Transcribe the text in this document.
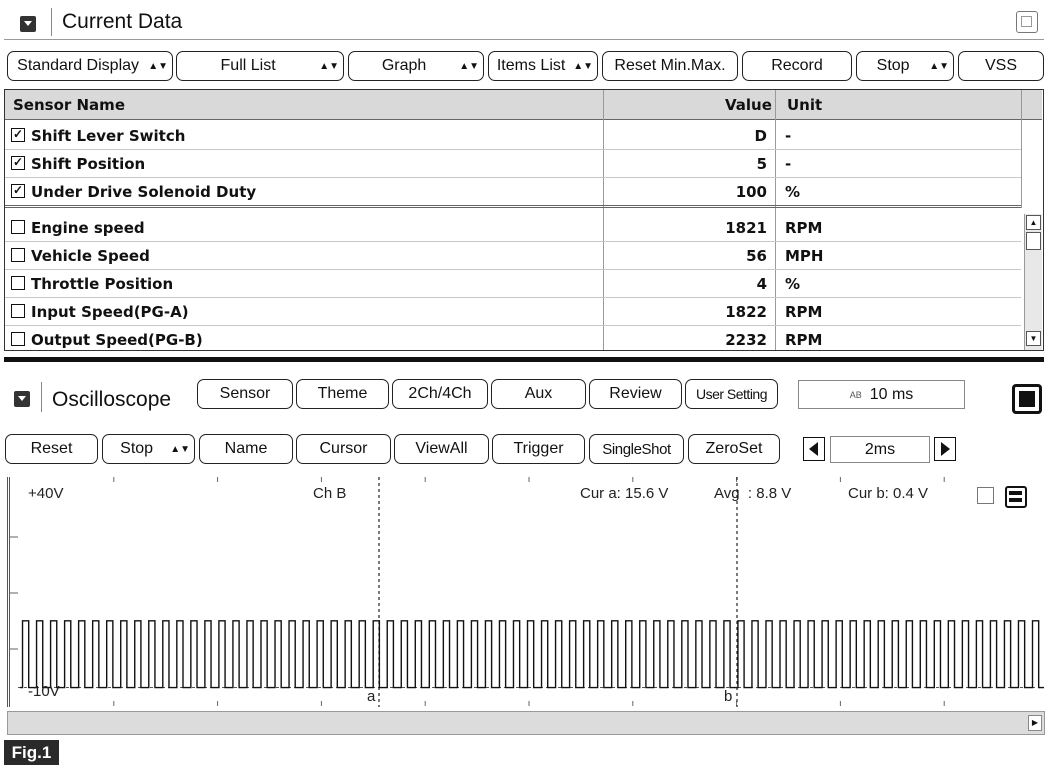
Current Data
Standard Display ▲▼	Full List	▲▼	Graph	▲▼ Items List ▲▼	Reset Min.Max.	Record	Stop	▲▼	VSS
Sensor Name	Value Unit
✓ Shift Lever Switch	D -
✓ Shift Position	5 -
✓ Under Drive Solenoid Duty	100 %
Engine speed	1821 RPM
Vehicle Speed	56 MPH
Throttle Position	4 %
Input Speed(PG-A)	1822 RPM
Output Speed(PG-B)	2232 RPM
▲
▼
Oscilloscope	Sensor	Theme	2Ch/4Ch	Aux	Review	User Setting	AB 10 ms
Reset	Stop	▲▼	Name	Cursor	ViewAll	Trigger	SingleShot	ZeroSet	2ms
+40V
-10V
Ch B	Cur a: 15.6 V	Avg  : 8.8 V	Cur b: 0.4 V
a	b
▶
Fig.1
